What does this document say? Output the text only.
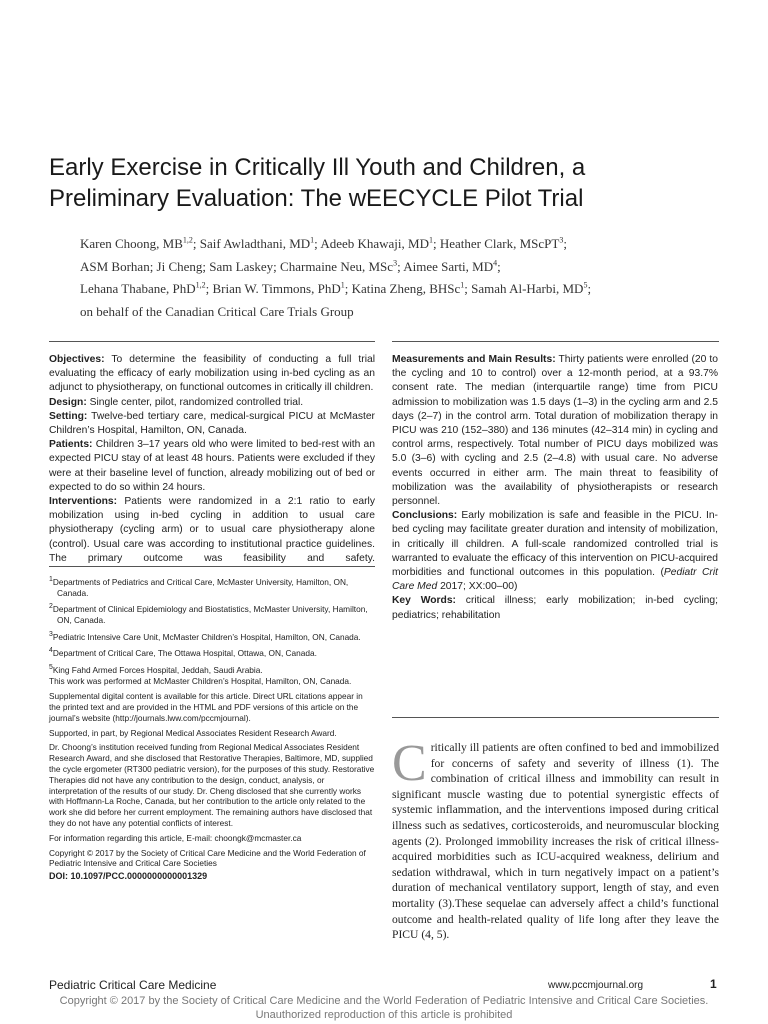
Early Exercise in Critically Ill Youth and Children, a
Preliminary Evaluation: The wEECYCLE Pilot Trial
Karen Choong, MB$^{1,2}$; Saif Awladthani, $MD^1$; Adeeb Khawaji, $MD^1$; Heather Clark, MScPT$^3$;
ASM Borhan; Ji Cheng; Sam Laskey; Charmaine Neu, MSc$^3$; Aimee Sarti, $MD^4$;
Lehana Thabane, PhD$^{1,2}$; Brian W. Timmons, PhD$^1$; Katina Zheng, BHSc$^1$; Samah Al-Harbi, $MD^5$;
on behalf of the Canadian Critical Care Trials Group

Objectives: To determine the feasibility of conducting a full trial evaluating the efficacy of early mobilization using in-bed cycling as an adjunct to physiotherapy, on functional outcomes in critically ill children.

Design: Single center, pilot, randomized controlled trial.

Setting: Twelve-bed tertiary care, medical-surgical PICU at McMaster Children’s Hospital, Hamilton, ON, Canada.

Patients: Children 3–17 years old who were limited to bed-rest with an expected PICU stay of at least 48 hours. Patients were excluded if they were at their baseline level of function, already mobilizing out of bed or expected to do so within 24 hours.

Interventions: Patients were randomized in a 2:1 ratio to early mobilization using in-bed cycling in addition to usual care physiotherapy (cycling arm) or to usual care physiotherapy alone (control). Usual care was according to institutional practice guidelines. The primary outcome was feasibility and safety.

Measurements and Main Results: Thirty patients were enrolled (20 to the cycling and 10 to control) over a 12-month period, at a 93.7% consent rate. The median (interquartile range) time from PICU admission to mobilization was 1.5 days (1–3) in the cycling arm and 2.5 days (2–7) in the control arm. Total duration of mobilization therapy in PICU was 210 (152–380) and 136 minutes (42–314 min) in cycling and control arms, respectively. Total number of PICU days mobilized was 5.0 (3–6) with cycling and 2.5 (2–4.8) with usual care. No adverse events occurred in either arm. The main threat to feasibility of mobilization was the availability of physiotherapists or research personnel.

Conclusions: Early mobilization is safe and feasible in the PICU. In-bed cycling may facilitate greater duration and intensity of mobilization, in critically ill children. A full-scale randomized controlled trial is warranted to evaluate the efficacy of this intervention on PICU-acquired morbidities and functional outcomes in this population. (Pediatr Crit Care Med 2017; XX:00–00)

Key Words: critical illness; early mobilization; in-bed cycling; pediatrics; rehabilitation

$^1$Departments of Pediatrics and Critical Care, McMaster University, Hamilton, ON, Canada.

$^2$Department of Clinical Epidemiology and Biostatistics, McMaster University, Hamilton, ON, Canada.

$^3$Pediatric Intensive Care Unit, McMaster Children’s Hospital, Hamilton, ON, Canada.

$^4$Department of Critical Care, The Ottawa Hospital, Ottawa, ON, Canada.

$^5$King Fahd Armed Forces Hospital, Jeddah, Saudi Arabia.

This work was performed at McMaster Children’s Hospital, Hamilton, ON, Canada.

Supplemental digital content is available for this article. Direct URL citations appear in the printed text and are provided in the HTML and PDF versions of this article on the journal’s website (http://journals.lww.com/pccmjournal).

Supported, in part, by Regional Medical Associates Resident Research Award.

Dr. Choong’s institution received funding from Regional Medical Associates Resident Research Award, and she disclosed that Restorative Therapies, Baltimore, MD, supplied the cycle ergometer (RT300 pediatric version), for the purposes of this study. Restorative Therapies did not have any contribution to the design, conduct, analysis, or interpretation of the results of our study. Dr. Cheng disclosed that she currently works with Hoffmann-La Roche, Canada, but her contribution to the article only related to the work she did before her current employment. The remaining authors have disclosed that they do not have any potential conflicts of interest.

For information regarding this article, E-mail: choongk@mcmaster.ca

Copyright © 2017 by the Society of Critical Care Medicine and the World Federation of Pediatric Intensive and Critical Care Societies

DOI: 10.1097/PCC.0000000000001329

Critically ill patients are often confined to bed and immobilized for concerns of safety and severity of illness (1). The combination of critical illness and immobility can result in significant muscle wasting due to potential synergistic effects of systemic inflammation, and the interventions imposed during critical illness such as sedatives, corticosteroids, and neuromuscular blocking agents (2). Prolonged immobility increases the risk of critical illness-acquired morbidities such as ICU-acquired weakness, delirium and sedation withdrawal, which in turn negatively impact on a patient’s duration of mechanical ventilatory support, length of stay, and even mortality (3).These sequelae can adversely affect a child’s functional outcome and health-related quality of life long after they leave the PICU (4, 5).
Pediatric Critical Care Medicine	www.pccmjournal.org	1
Copyright © 2017 by the Society of Critical Care Medicine and the World Federation of Pediatric Intensive and Critical Care Societies.
Unauthorized reproduction of this article is prohibited
